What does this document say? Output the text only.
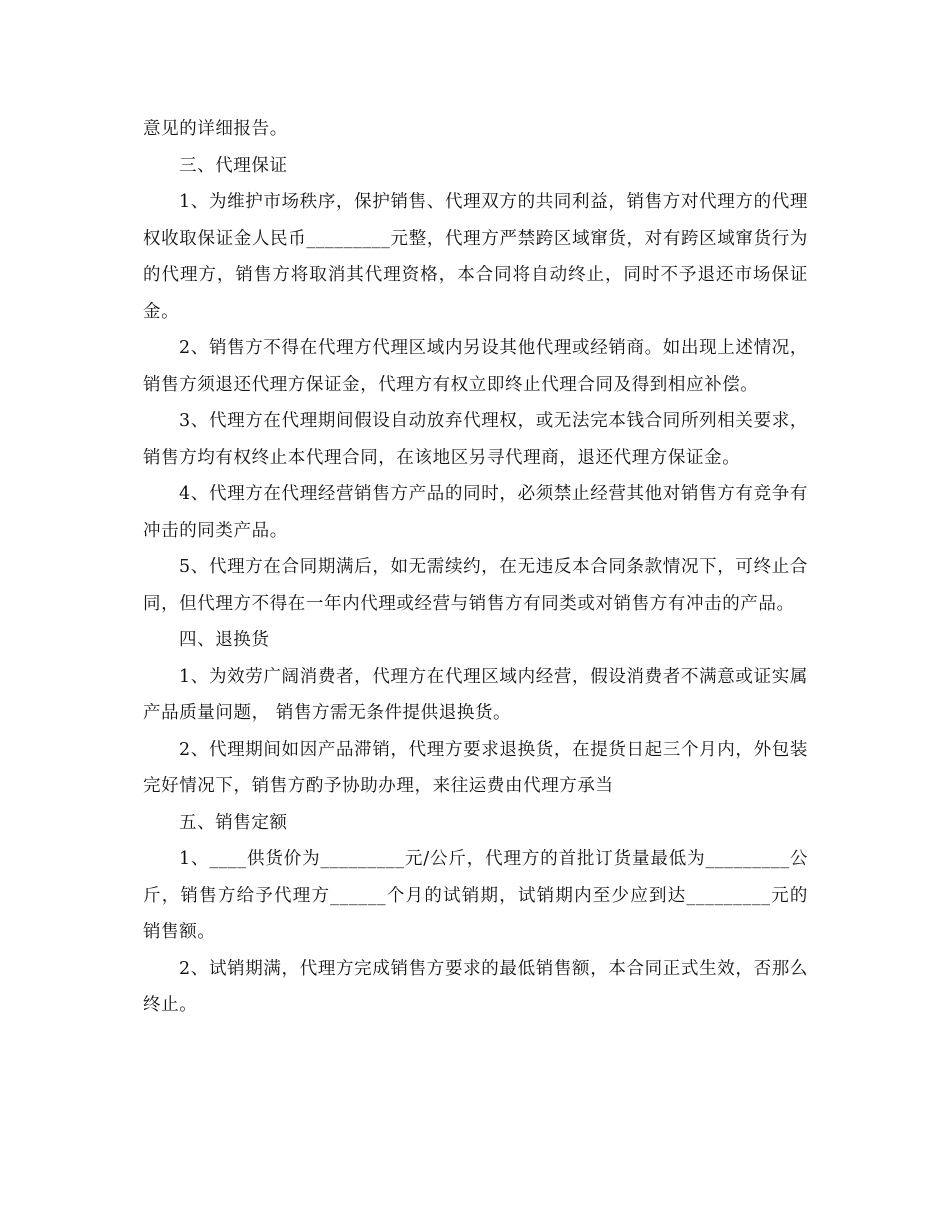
意见的详细报告。

三、代理保证

1、为维护市场秩序，保护销售、代理双方的共同利益，销售方对代理方的代理权收取保证金人民币_________元整，代理方严禁跨区域窜货，对有跨区域窜货行为的代理方，销售方将取消其代理资格，本合同将自动终止，同时不予退还市场保证金。

2、销售方不得在代理方代理区域内另设其他代理或经销商。如出现上述情况，销售方须退还代理方保证金，代理方有权立即终止代理合同及得到相应补偿。

3、代理方在代理期间假设自动放弃代理权，或无法完本钱合同所列相关要求，销售方均有权终止本代理合同，在该地区另寻代理商，退还代理方保证金。

4、代理方在代理经营销售方产品的同时，必须禁止经营其他对销售方有竞争有冲击的同类产品。

5、代理方在合同期满后，如无需续约，在无违反本合同条款情况下，可终止合同，但代理方不得在一年内代理或经营与销售方有同类或对销售方有冲击的产品。

四、退换货

1、为效劳广阔消费者，代理方在代理区域内经营，假设消费者不满意或证实属产品质量问题， 销售方需无条件提供退换货。

2、代理期间如因产品滞销，代理方要求退换货，在提货日起三个月内，外包装完好情况下，销售方酌予协助办理，来往运费由代理方承当

五、销售定额

1、____供货价为_________元/公斤，代理方的首批订货量最低为_________公斤，销售方给予代理方______个月的试销期，试销期内至少应到达_________元的销售额。

2、试销期满，代理方完成销售方要求的最低销售额，本合同正式生效，否那么终止。
